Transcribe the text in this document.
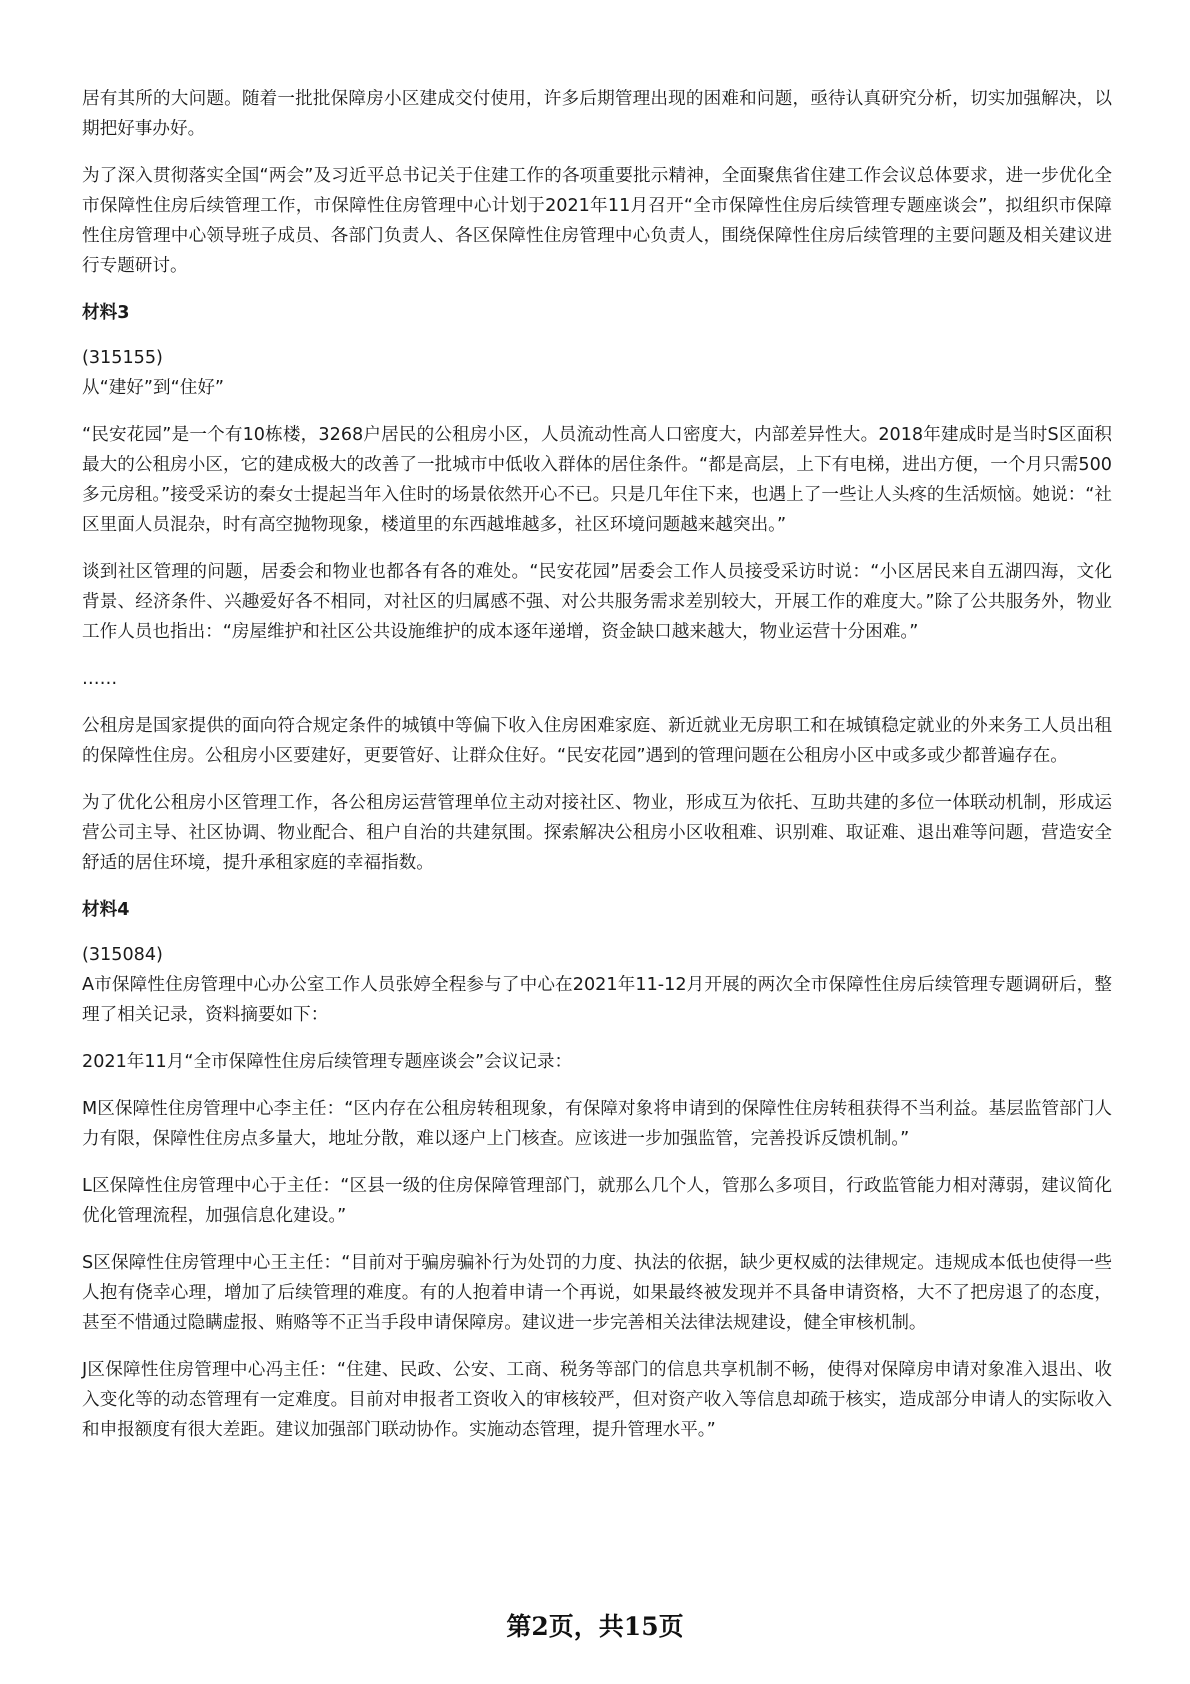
居有其所的大问题。随着一批批保障房小区建成交付使用，许多后期管理出现的困难和问题，亟待认真研究分析，切实加强解决，以期把好事办好。

为了深入贯彻落实全国“两会”及习近平总书记关于住建工作的各项重要批示精神，全面聚焦省住建工作会议总体要求，进一步优化全市保障性住房后续管理工作，市保障性住房管理中心计划于2021年11月召开“全市保障性住房后续管理专题座谈会”，拟组织市保障性住房管理中心领导班子成员、各部门负责人、各区保障性住房管理中心负责人，围绕保障性住房后续管理的主要问题及相关建议进行专题研讨。

材料3
(315155)
从“建好”到“住好”

“民安花园”是一个有10栋楼，3268户居民的公租房小区，人员流动性高人口密度大，内部差异性大。2018年建成时是当时S区面积最大的公租房小区，它的建成极大的改善了一批城市中低收入群体的居住条件。“都是高层，上下有电梯，进出方便，一个月只需500多元房租。”接受采访的秦女士提起当年入住时的场景依然开心不已。只是几年住下来，也遇上了一些让人头疼的生活烦恼。她说：“社区里面人员混杂，时有高空抛物现象，楼道里的东西越堆越多，社区环境问题越来越突出。”

谈到社区管理的问题，居委会和物业也都各有各的难处。“民安花园”居委会工作人员接受采访时说：“小区居民来自五湖四海，文化背景、经济条件、兴趣爱好各不相同，对社区的归属感不强、对公共服务需求差别较大，开展工作的难度大。”除了公共服务外，物业工作人员也指出：“房屋维护和社区公共设施维护的成本逐年递增，资金缺口越来越大，物业运营十分困难。”

……

公租房是国家提供的面向符合规定条件的城镇中等偏下收入住房困难家庭、新近就业无房职工和在城镇稳定就业的外来务工人员出租的保障性住房。公租房小区要建好，更要管好、让群众住好。“民安花园”遇到的管理问题在公租房小区中或多或少都普遍存在。

为了优化公租房小区管理工作，各公租房运营管理单位主动对接社区、物业，形成互为依托、互助共建的多位一体联动机制，形成运营公司主导、社区协调、物业配合、租户自治的共建氛围。探索解决公租房小区收租难、识别难、取证难、退出难等问题，营造安全舒适的居住环境，提升承租家庭的幸福指数。

材料4
(315084)
A市保障性住房管理中心办公室工作人员张婷全程参与了中心在2021年11-12月开展的两次全市保障性住房后续管理专题调研后，整理了相关记录，资料摘要如下：

2021年11月“全市保障性住房后续管理专题座谈会”会议记录：

M区保障性住房管理中心李主任：“区内存在公租房转租现象，有保障对象将申请到的保障性住房转租获得不当利益。基层监管部门人力有限，保障性住房点多量大，地址分散，难以逐户上门核查。应该进一步加强监管，完善投诉反馈机制。”

L区保障性住房管理中心于主任：“区县一级的住房保障管理部门，就那么几个人，管那么多项目，行政监管能力相对薄弱，建议简化优化管理流程，加强信息化建设。”

S区保障性住房管理中心王主任：“目前对于骗房骗补行为处罚的力度、执法的依据，缺少更权威的法律规定。违规成本低也使得一些人抱有侥幸心理，增加了后续管理的难度。有的人抱着申请一个再说，如果最终被发现并不具备申请资格，大不了把房退了的态度，甚至不惜通过隐瞒虚报、贿赂等不正当手段申请保障房。建议进一步完善相关法律法规建设，健全审核机制。

J区保障性住房管理中心冯主任：“住建、民政、公安、工商、税务等部门的信息共享机制不畅，使得对保障房申请对象准入退出、收入变化等的动态管理有一定难度。目前对申报者工资收入的审核较严，但对资产收入等信息却疏于核实，造成部分申请人的实际收入和申报额度有很大差距。建议加强部门联动协作。实施动态管理，提升管理水平。”

第2页，共15页
